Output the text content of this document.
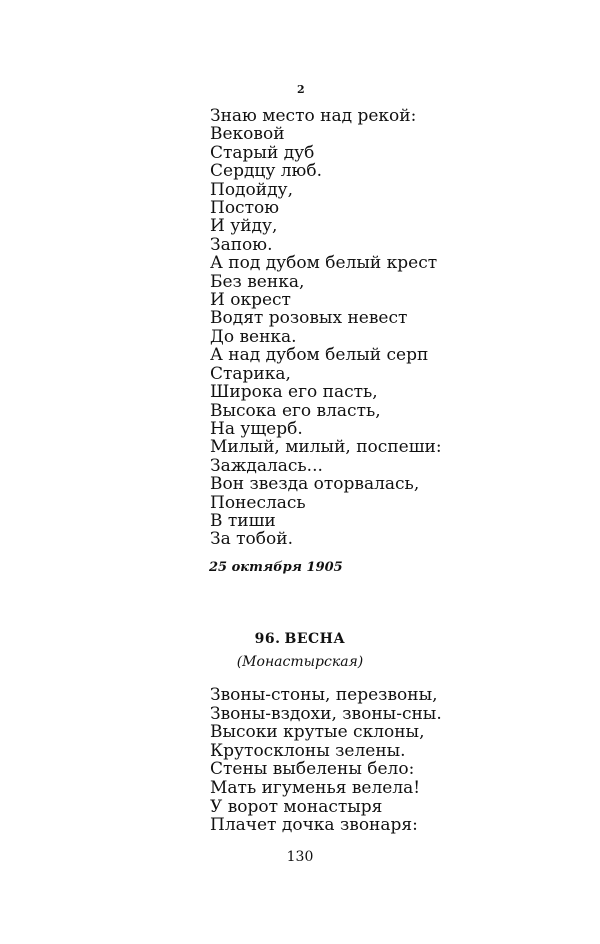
2
Знаю место над рекой:
Вековой
Старый дуб
Сердцу люб.
Подойду,
Постою
И уйду,
Запою.
А под дубом белый крест
Без венка,
И окрест
Водят розовых невест
До венка.
А над дубом белый серп
Старика,
Широка его пасть,
Высока его власть,
На ущерб.
Милый, милый, поспеши:
Заждалась...
Вон звезда оторвалась,
Понеслась
В тиши
За тобой.
25 октября 1905
96. ВЕСНА
(Монастырская)
Звоны-стоны, перезвоны,
Звоны-вздохи, звоны-сны.
Высоки крутые склоны,
Крутосклоны зелены.
Стены выбелены бело:
Мать игуменья велела!
У ворот монастыря
Плачет дочка звонаря:
130
